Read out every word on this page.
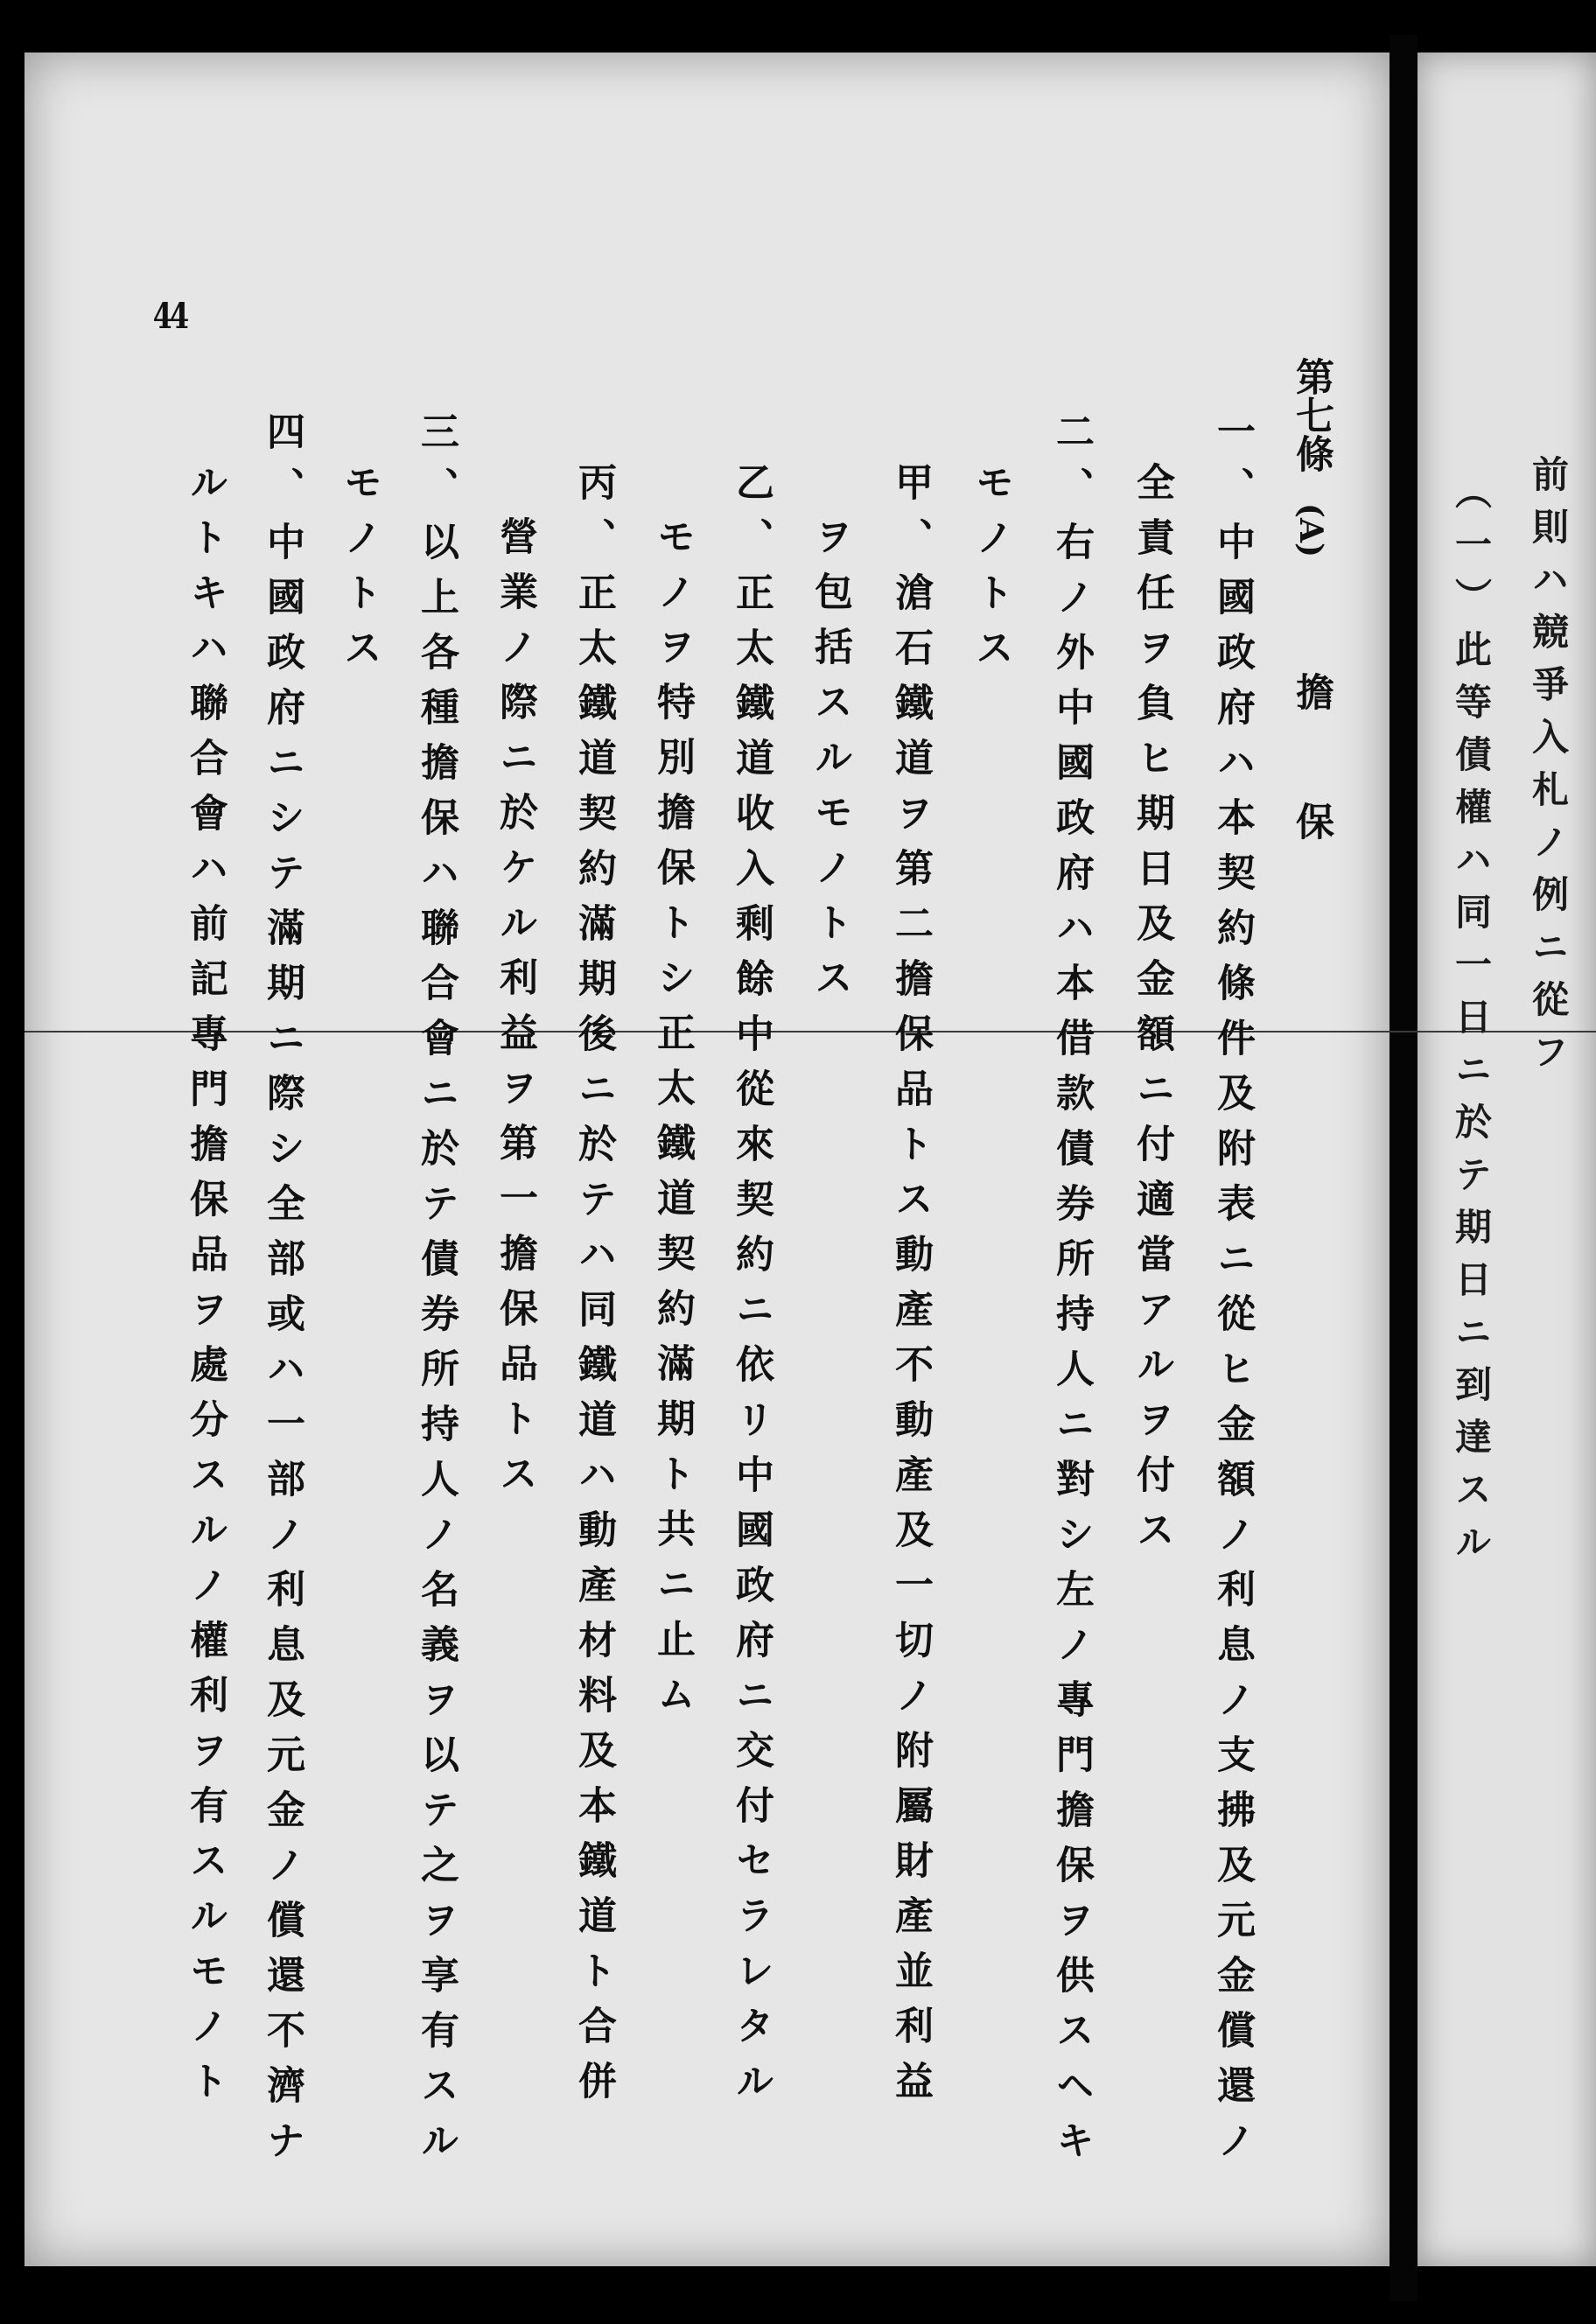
44
第七條 (A)  擔　保
一、中國政府ハ本契約條件及附表ニ從ヒ金額ノ利息ノ支拂及元金償還ノ
全責任ヲ負ヒ期日及金額ニ付適當アルヲ付ス
二、右ノ外中國政府ハ本借款債券所持人ニ對シ左ノ專門擔保ヲ供スヘキ
モノトス
甲、滄石鐵道ヲ第二擔保品トス動產不動產及一切ノ附屬財產並利益
ヲ包括スルモノトス
乙、正太鐵道收入剩餘中從來契約ニ依リ中國政府ニ交付セラレタル
モノヲ特別擔保トシ正太鐵道契約滿期ト共ニ止ム
丙、正太鐵道契約滿期後ニ於テハ同鐵道ハ動產材料及本鐵道ト合併
營業ノ際ニ於ケル利益ヲ第一擔保品トス
三、以上各種擔保ハ聯合會ニ於テ債券所持人ノ名義ヲ以テ之ヲ享有スル
モノトス
四、中國政府ニシテ滿期ニ際シ全部或ハ一部ノ利息及元金ノ償還不濟ナ
ルトキハ聯合會ハ前記專門擔保品ヲ處分スルノ權利ヲ有スルモノト	前則ハ競爭入札ノ例ニ從フ
（一）此等債權ハ同一日ニ於テ期日ニ到達スル
